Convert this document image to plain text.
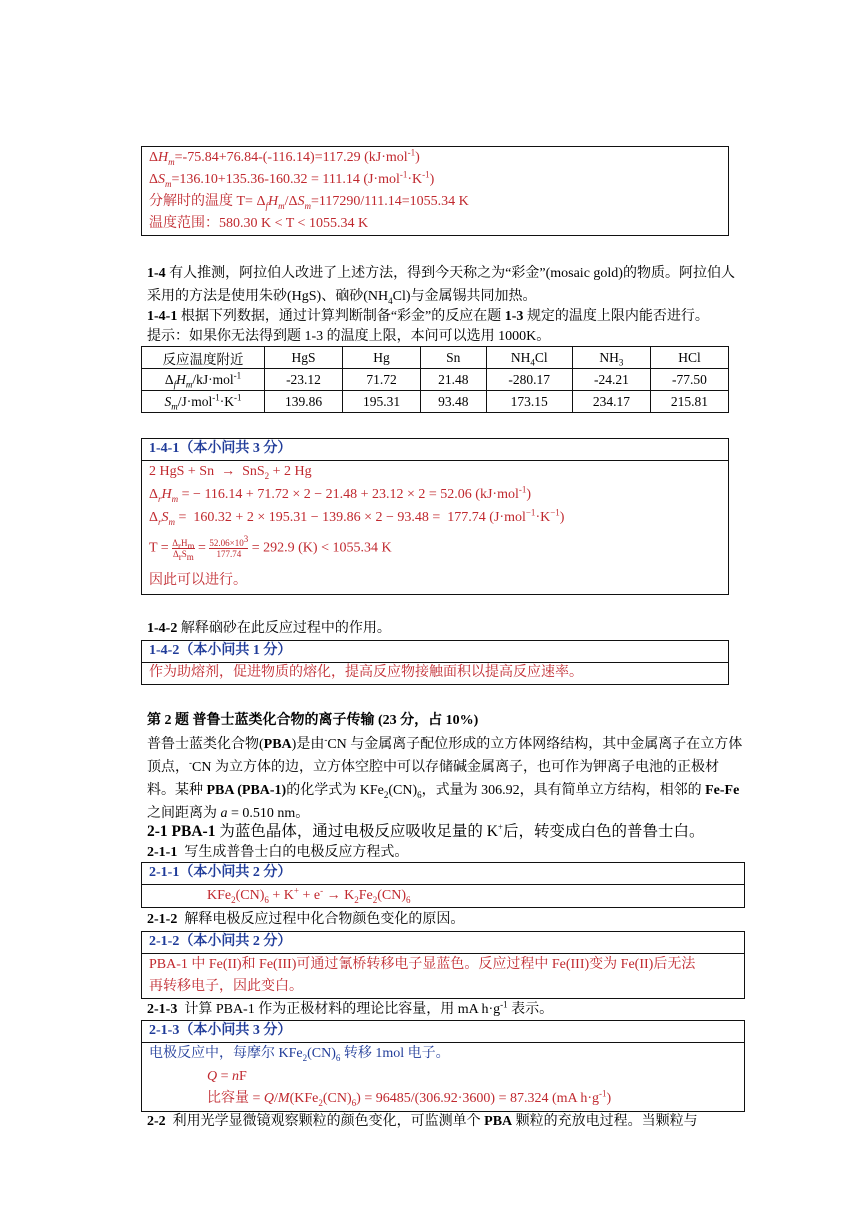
$\Delta H_m=-75.84+76.84-(-116.14)=117.29$ (kJ·mol$^{-1}$)
$\Delta S_m=136.10+135.36-160.32 = 111.14$ $(J\cdot mol^{-1}\cdot K^{-1})$
分解时的温度 $T= \Delta_fH_m/\Delta S_m=117290/111.14=1055.34$ K
温度范围：580.30 K < T < 1055.34 K
1-4 有人推测，阿拉伯人改进了上述方法，得到今天称之为“彩金”(mosaic gold)的物质。阿拉伯人采用的方法是使用朱砂(HgS)、硇砂$(NH_4Cl)$与金属锡共同加热。
1-4-1 根据下列数据，通过计算判断制备“彩金”的反应在题 1-3 规定的温度上限内能否进行。
提示：如果你无法得到题 1-3 的温度上限，本问可以选用 1000K。
反应温度附近	HgS	Hg	Sn	$NH_4Cl$	$NH_3$	HCl
$\Delta_fH_m/kJ\cdot mol^{-1}$	-23.12	71.72	21.48	-280.17	-24.21	-77.50
$S_m/J\cdot mol^{-1}\cdot K^{-1}$	139.86	195.31	93.48	173.15	234.17	215.81
1-4-1（本小问共 3 分）
2 HgS + Sn  →  SnS$_2$ + 2 Hg
$\Delta_rH_m$ = − 116.14 + 71.72 × 2 − 21.48 + 23.12 × 2 = 52.06 (kJ·mol$^{-1}$)
$\Delta_rS_m = 160.32 + 2 \times 195.31 - 139.86 \times 2 - 93.48 = 177.74$ $(J\cdot mol^{-1}\cdot K^{-1})$
$T = \Delta_rH_m$
$\Delta_rS_m$
= $\frac{52.06\times 10^3}{177.74} = 292.9$ (K) < 1055.34 K
因此可以进行。
1-4-2 解释硇砂在此反应过程中的作用。
1-4-2（本小问共 1 分）
作为助熔剂，促进物质的熔化，提高反应物接触面积以提高反应速率。
第 2 题 普鲁士蓝类化合物的离子传输 (23 分，占 10%)
普鲁士蓝类化合物(PBA)是由-CN 与金属离子配位形成的立方体网络结构，其中金属离子在立方体顶点，-CN 为立方体的边，立方体空腔中可以存储碱金属离子，也可作为钾离子电池的正极材料。某种 PBA (PBA-1)的化学式为 $KFe_2(CN)_6$，式量为 306.92，具有简单立方结构，相邻的 Fe-Fe 之间距离为 a = 0.510 nm。
2-1 PBA-1 为蓝色晶体，通过电极反应吸收足量的 K+后，转变成白色的普鲁士白。
2-1-1  写生成普鲁士白的电极反应方程式。
2-1-1（本小问共 2 分）
$KFe_2(CN)_6 + K^+ + e^- \to K_2Fe_2(CN)_6$
2-1-2  解释电极反应过程中化合物颜色变化的原因。
2-1-2（本小问共 2 分）
PBA-1 中 Fe(II)和 Fe(III)可通过氰桥转移电子显蓝色。反应过程中 Fe(III)变为 Fe(II)后无法
再转移电子，因此变白。
2-1-3  计算 PBA-1 作为正极材料的理论比容量，用 mA $h\cdot g^{-1}$ 表示。
2-1-3（本小问共 3 分）
电极反应中，每摩尔 $KFe_2(CN)_6$ 转移 1mol 电子。
Q = nF
比容量 = $Q/M(KFe_2(CN)_6) = 96485/(306.92\cdot 3600) = 87.324$ (mA $h\cdot g^{-1}$)
2-2  利用光学显微镜观察颗粒的颜色变化，可监测单个 PBA 颗粒的充放电过程。当颗粒与
